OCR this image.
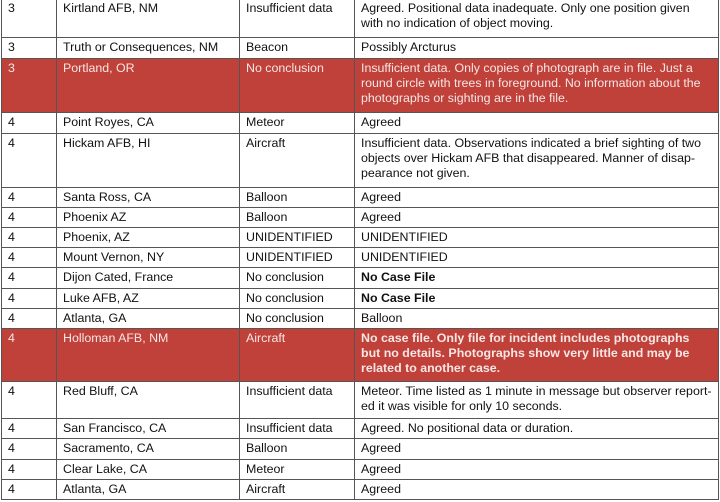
3	Kirtland AFB, NM	Insufficient data	Agreed. Positional data inadequate. Only one position given with no indication of object moving.
3	Truth or Consequences, NM	Beacon	Possibly Arcturus
3	Portland, OR	No conclusion	Insufficient data. Only copies of photograph are in file. Just a round circle with trees in foreground. No information about the photographs or sighting are in the file.
4	Point Royes, CA	Meteor	Agreed
4	Hickam AFB, HI	Aircraft	Insufficient data. Observations indicated a brief sighting of two objects over Hickam AFB that disappeared. Manner of disap-pearance not given.
4	Santa Ross, CA	Balloon	Agreed
4	Phoenix AZ	Balloon	Agreed
4	Phoenix, AZ	UNIDENTIFIED	UNIDENTIFIED
4	Mount Vernon, NY	UNIDENTIFIED	UNIDENTIFIED
4	Dijon Cated, France	No conclusion	No Case File
4	Luke AFB, AZ	No conclusion	No Case File
4	Atlanta, GA	No conclusion	Balloon
4	Holloman AFB, NM	Aircraft	No case file. Only file for incident includes photographs but no details. Photographs show very little and may be related to another case.
4	Red Bluff, CA	Insufficient data	Meteor. Time listed as 1 minute in message but observer report-ed it was visible for only 10 seconds.
4	San Francisco, CA	Insufficient data	Agreed. No positional data or duration.
4	Sacramento, CA	Balloon	Agreed
4	Clear Lake, CA	Meteor	Agreed
4	Atlanta, GA	Aircraft	Agreed
